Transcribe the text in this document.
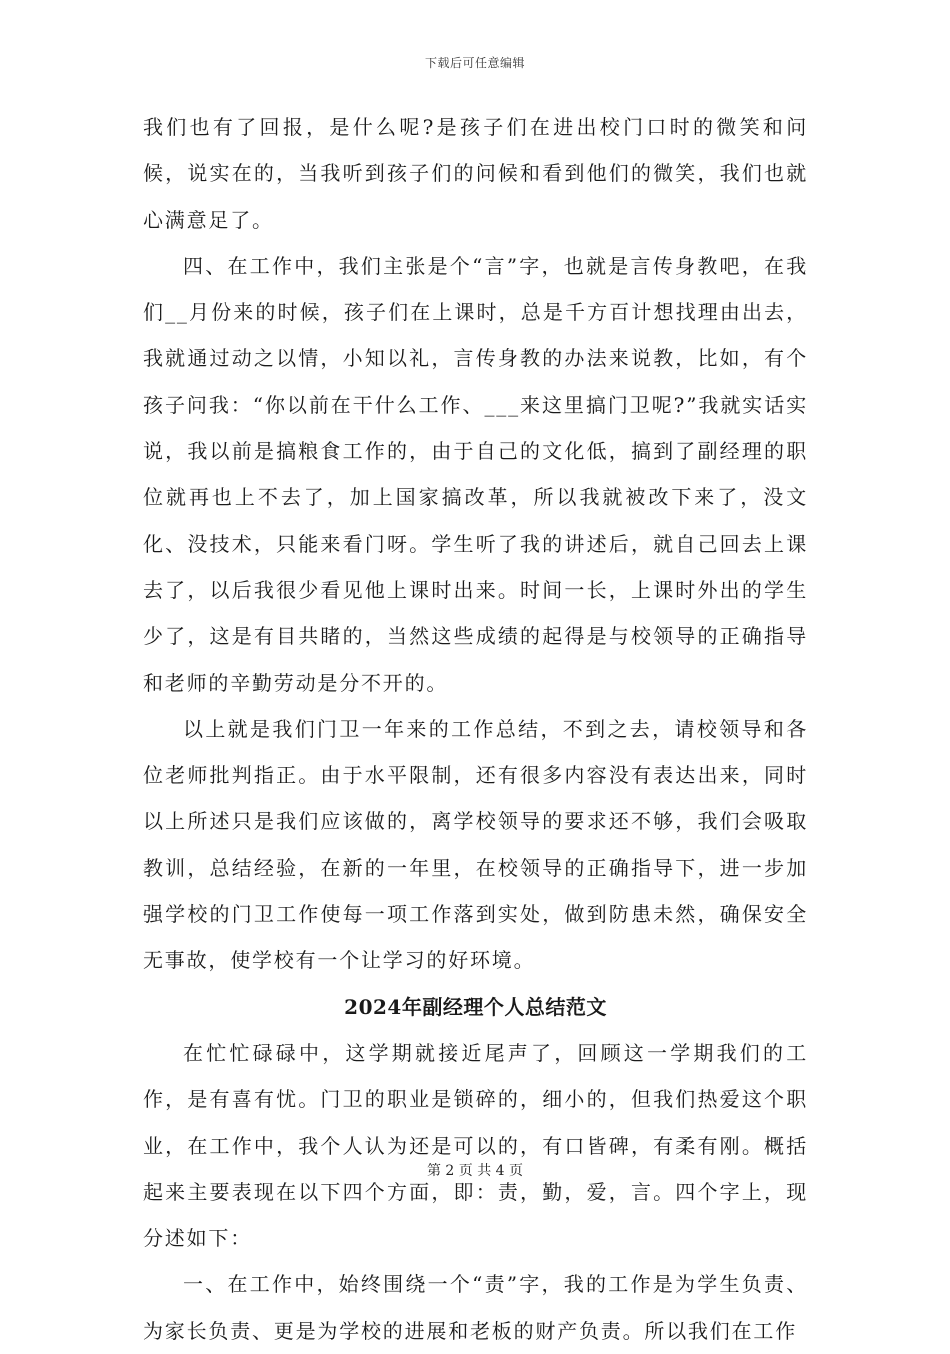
下载后可任意编辑

我们也有了回报，是什么呢?是孩子们在进出校门口时的微笑和问候，说实在的，当我听到孩子们的问候和看到他们的微笑，我们也就心满意足了。

四、在工作中，我们主张是个“言”字，也就是言传身教吧，在我们__月份来的时候，孩子们在上课时，总是千方百计想找理由出去，我就通过动之以情，小知以礼，言传身教的办法来说教，比如，有个孩子问我：“你以前在干什么工作、___来这里搞门卫呢?”我就实话实说，我以前是搞粮食工作的，由于自己的文化低，搞到了副经理的职位就再也上不去了，加上国家搞改革，所以我就被改下来了，没文化、没技术，只能来看门呀。学生听了我的讲述后，就自己回去上课去了，以后我很少看见他上课时出来。时间一长，上课时外出的学生少了，这是有目共睹的，当然这些成绩的起得是与校领导的正确指导和老师的辛勤劳动是分不开的。

以上就是我们门卫一年来的工作总结，不到之去，请校领导和各位老师批判指正。由于水平限制，还有很多内容没有表达出来，同时以上所述只是我们应该做的，离学校领导的要求还不够，我们会吸取教训，总结经验，在新的一年里，在校领导的正确指导下，进一步加强学校的门卫工作使每一项工作落到实处，做到防患未然，确保安全无事故，使学校有一个让学习的好环境。

2024年副经理个人总结范文

在忙忙碌碌中，这学期就接近尾声了，回顾这一学期我们的工作，是有喜有忧。门卫的职业是锁碎的，细小的，但我们热爱这个职业，在工作中，我个人认为还是可以的，有口皆碑，有柔有刚。概括起来主要表现在以下四个方面，即：责，勤，爱，言。四个字上，现分述如下：

一、在工作中，始终围绕一个“责”字，我的工作是为学生负责、为家长负责、更是为学校的进展和老板的财产负责。所以我们在工作

第 2 页 共 4 页
